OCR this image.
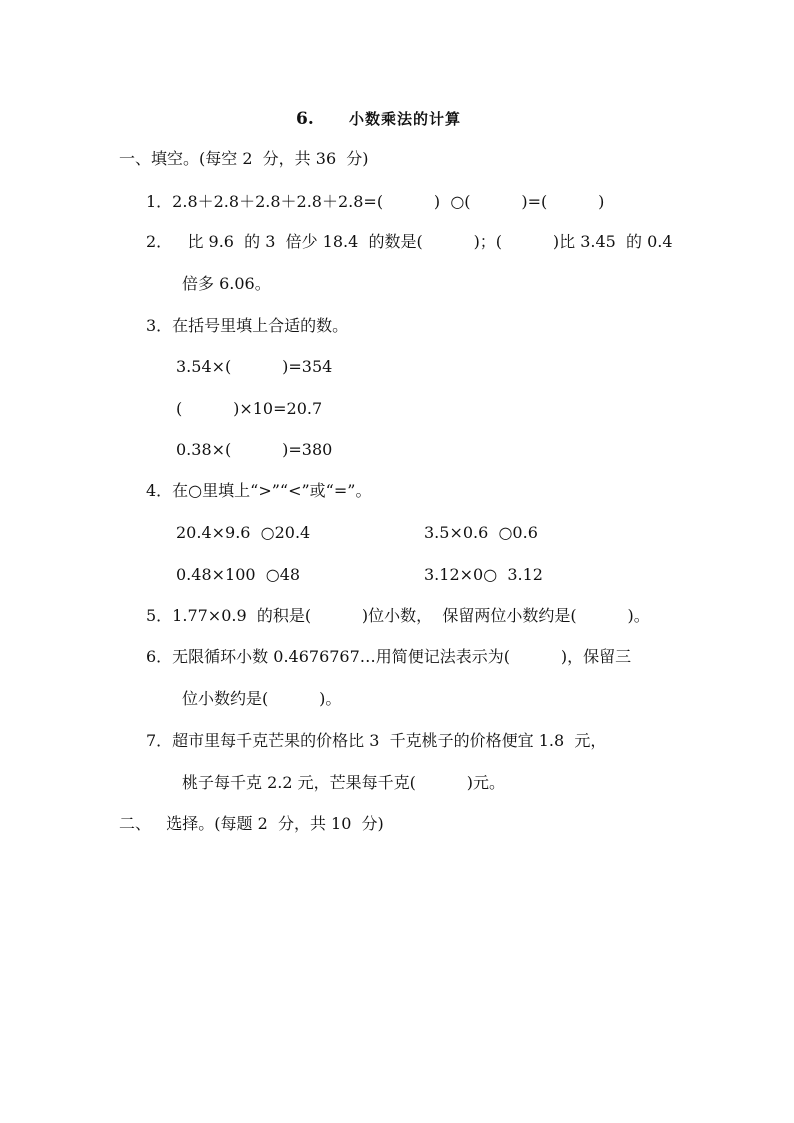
6. 小数乘法的计算
一、填空。(每空 2  分，共 36  分)
1．2.8＋2.8＋2.8＋2.8＋2.8=(          )  ○(          )=(          )
2．   比 9.6  的 3  倍少 18.4  的数是(          )；(          )比 3.45  的 0.4
倍多 6.06。
3．在括号里填上合适的数。
3.54×(          )=354
(          )×10=20.7
0.38×(          )=380
4．在○里填上“>”“<”或“=”。
20.4×9.6  ○20.4	3.5×0.6  ○0.6
0.48×100  ○48	3.12×0○  3.12
5．1.77×0.9  的积是(          )位小数，  保留两位小数约是(          )。
6．无限循环小数 0.4676767…用简便记法表示为(          )，保留三
位小数约是(          )。
7．超市里每千克芒果的价格比 3  千克桃子的价格便宜 1.8  元，
桃子每千克 2.2 元，芒果每千克(          )元。
二、   选择。(每题 2  分，共 10  分)
